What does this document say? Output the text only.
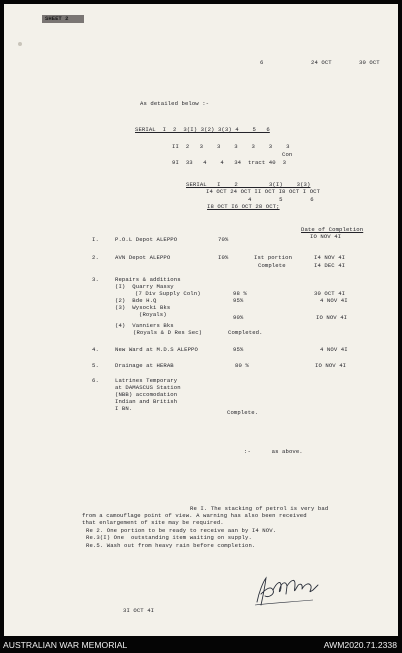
SHEET 2
6	24 OCT	30 OCT
As detailed below :-
SERIAL  I  2  3(I) 3(2) 3(3) 4    5   6
II  2   3    3    3    3    3    3
Con
9I  33   4    4   34  tract 40  3
SERIAL   I    2         3(I)    3(3)
I4 OCT 24 OCT II OCT I8 OCT I OCT
4        5        6
I8 OCT I6 OCT 28 OCT;
Date of Completion
IO NOV 4I
I.	P.O.L Depot ALEPPO	70%
2.	AVN Depot ALEPPO	I0%	Ist portion	I4 NOV 4I
Complete	I4 DEC 4I
3.	Repairs & additions
(I)  Quarry Massy
(7 Div Supply Coln)	98 %	30 OCT 4I
(2)  Bde H.Q	95%	4 NOV 4I
(3)  Wysocki Bks
(Royals)	90%	IO NOV 4I
(4)  Vanniers Bks
(Royals & D Res Sec)	Completed.
4.	New Ward at M.D.S ALEPPO	95%	4 NOV 4I
5.	Drainage at HERAB	80 %	IO NOV 4I
6.	Latrines Temporary
at DAMASCUS Station
(NBB) accomodation
Indian and British
I BN.
Complete.
:-      as above.
Re I. The stacking of petrol is very bad
from a camouflage point of view. A warning has also been received
that enlargement of site may be required.
Re 2. One portion to be ready to receive aan by I4 NOV.
Re.3(I) One  outstanding item waiting on supply.
Re.5. Wash out from heavy rain before completion.
3I OCT 4I
AUSTRALIAN WAR MEMORIAL	AWM2020.71.2338
